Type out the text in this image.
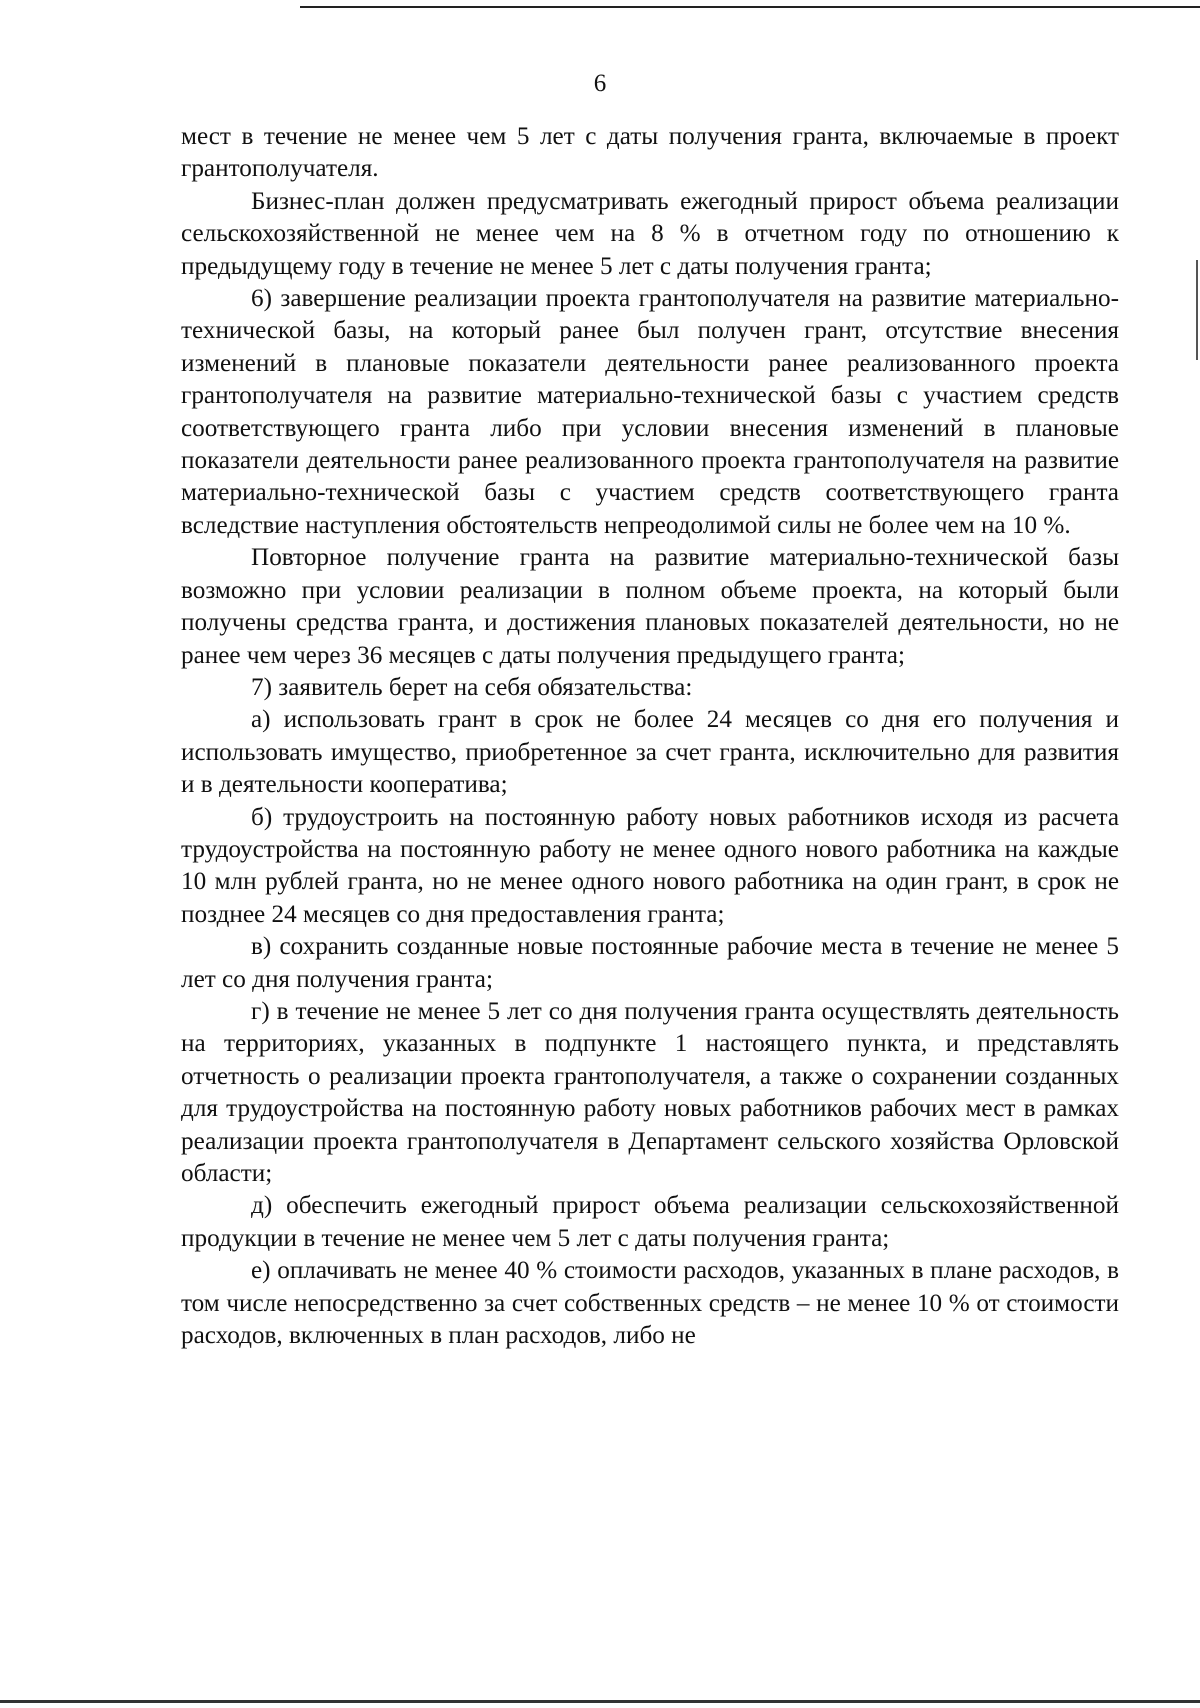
6

мест в течение не менее чем 5 лет с даты получения гранта, включаемые в проект грантополучателя.

Бизнес-план должен предусматривать ежегодный прирост объема реализации сельскохозяйственной не менее чем на 8 % в отчетном году по отношению к предыдущему году в течение не менее 5 лет с даты получения гранта;

6) завершение реализации проекта грантополучателя на развитие материально-технической базы, на который ранее был получен грант, отсутствие внесения изменений в плановые показатели деятельности ранее реализованного проекта грантополучателя на развитие материально-технической базы с участием средств соответствующего гранта либо при условии внесения изменений в плановые показатели деятельности ранее реализованного проекта грантополучателя на развитие материально-технической базы с участием средств соответствующего гранта вследствие наступления обстоятельств непреодолимой силы не более чем на 10 %.

Повторное получение гранта на развитие материально-технической базы возможно при условии реализации в полном объеме проекта, на который были получены средства гранта, и достижения плановых показателей деятельности, но не ранее чем через 36 месяцев с даты получения предыдущего гранта;

7) заявитель берет на себя обязательства:

а) использовать грант в срок не более 24 месяцев со дня его получения и использовать имущество, приобретенное за счет гранта, исключительно для развития и в деятельности кооператива;

б) трудоустроить на постоянную работу новых работников исходя из расчета трудоустройства на постоянную работу не менее одного нового работника на каждые 10 млн рублей гранта, но не менее одного нового работника на один грант, в срок не позднее 24 месяцев со дня предоставления гранта;

в) сохранить созданные новые постоянные рабочие места в течение не менее 5 лет со дня получения гранта;

г) в течение не менее 5 лет со дня получения гранта осуществлять деятельность на территориях, указанных в подпункте 1 настоящего пункта, и представлять отчетность о реализации проекта грантополучателя, а также о сохранении созданных для трудоустройства на постоянную работу новых работников рабочих мест в рамках реализации проекта грантополучателя в Департамент сельского хозяйства Орловской области;

д) обеспечить ежегодный прирост объема реализации сельскохозяйственной продукции в течение не менее чем 5 лет с даты получения гранта;

е) оплачивать не менее 40 % стоимости расходов, указанных в плане расходов, в том числе непосредственно за счет собственных средств – не менее 10 % от стоимости расходов, включенных в план расходов, либо не
